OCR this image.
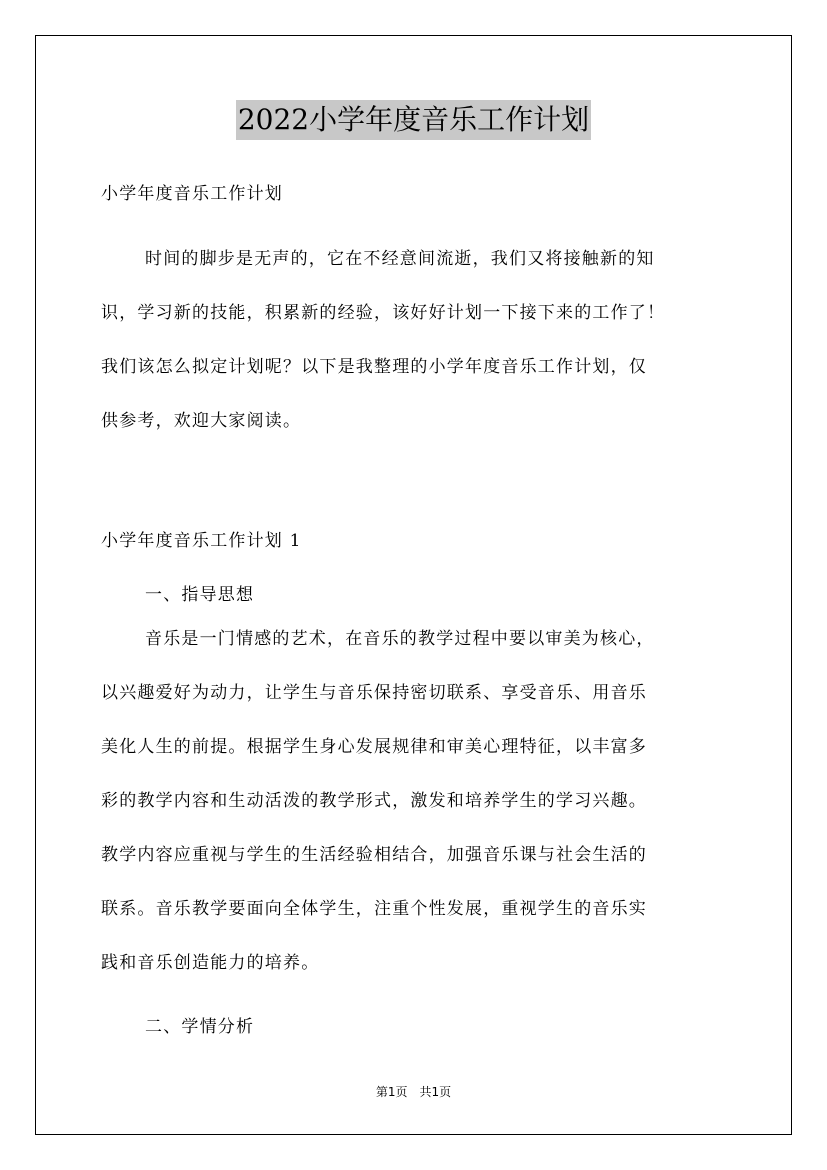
2022小学年度音乐工作计划
小学年度音乐工作计划
时间的脚步是无声的，它在不经意间流逝，我们又将接触新的知
识，学习新的技能，积累新的经验，该好好计划一下接下来的工作了！
我们该怎么拟定计划呢？以下是我整理的小学年度音乐工作计划，仅
供参考，欢迎大家阅读。
小学年度音乐工作计划 1
一、指导思想
音乐是一门情感的艺术，在音乐的教学过程中要以审美为核心，
以兴趣爱好为动力，让学生与音乐保持密切联系、享受音乐、用音乐
美化人生的前提。根据学生身心发展规律和审美心理特征，以丰富多
彩的教学内容和生动活泼的教学形式，激发和培养学生的学习兴趣。
教学内容应重视与学生的生活经验相结合，加强音乐课与社会生活的
联系。音乐教学要面向全体学生，注重个性发展，重视学生的音乐实
践和音乐创造能力的培养。
二、学情分析
第1页　共1页
